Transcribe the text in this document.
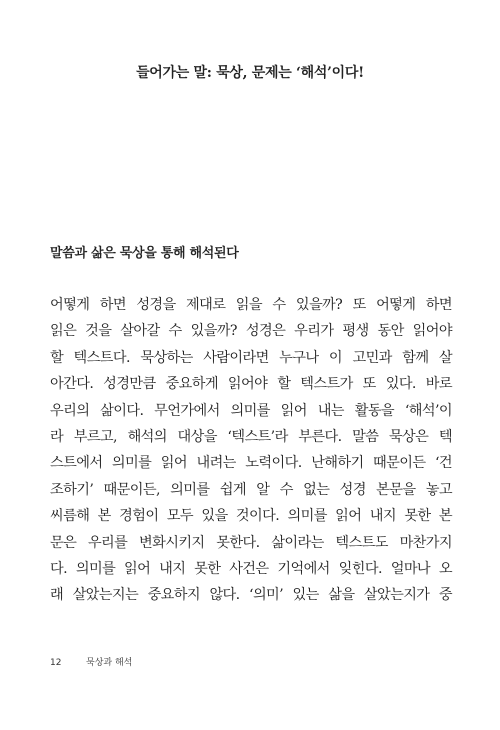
들어가는 말: 묵상, 문제는 ‘해석’이다!
말씀과 삶은 묵상을 통해 해석된다
어떻게 하면 성경을 제대로 읽을 수 있을까? 또 어떻게 하면
읽은 것을 살아갈 수 있을까? 성경은 우리가 평생 동안 읽어야
할 텍스트다. 묵상하는 사람이라면 누구나 이 고민과 함께 살
아간다. 성경만큼 중요하게 읽어야 할 텍스트가 또 있다. 바로
우리의 삶이다. 무언가에서 의미를 읽어 내는 활동을 ‘해석’이
라 부르고, 해석의 대상을 ‘텍스트’라 부른다. 말씀 묵상은 텍
스트에서 의미를 읽어 내려는 노력이다. 난해하기 때문이든 ‘건
조하기’ 때문이든, 의미를 쉽게 알 수 없는 성경 본문을 놓고
씨름해 본 경험이 모두 있을 것이다. 의미를 읽어 내지 못한 본
문은 우리를 변화시키지 못한다. 삶이라는 텍스트도 마찬가지
다. 의미를 읽어 내지 못한 사건은 기억에서 잊힌다. 얼마나 오
래 살았는지는 중요하지 않다. ‘의미’ 있는 삶을 살았는지가 중
12	묵상과 해석
